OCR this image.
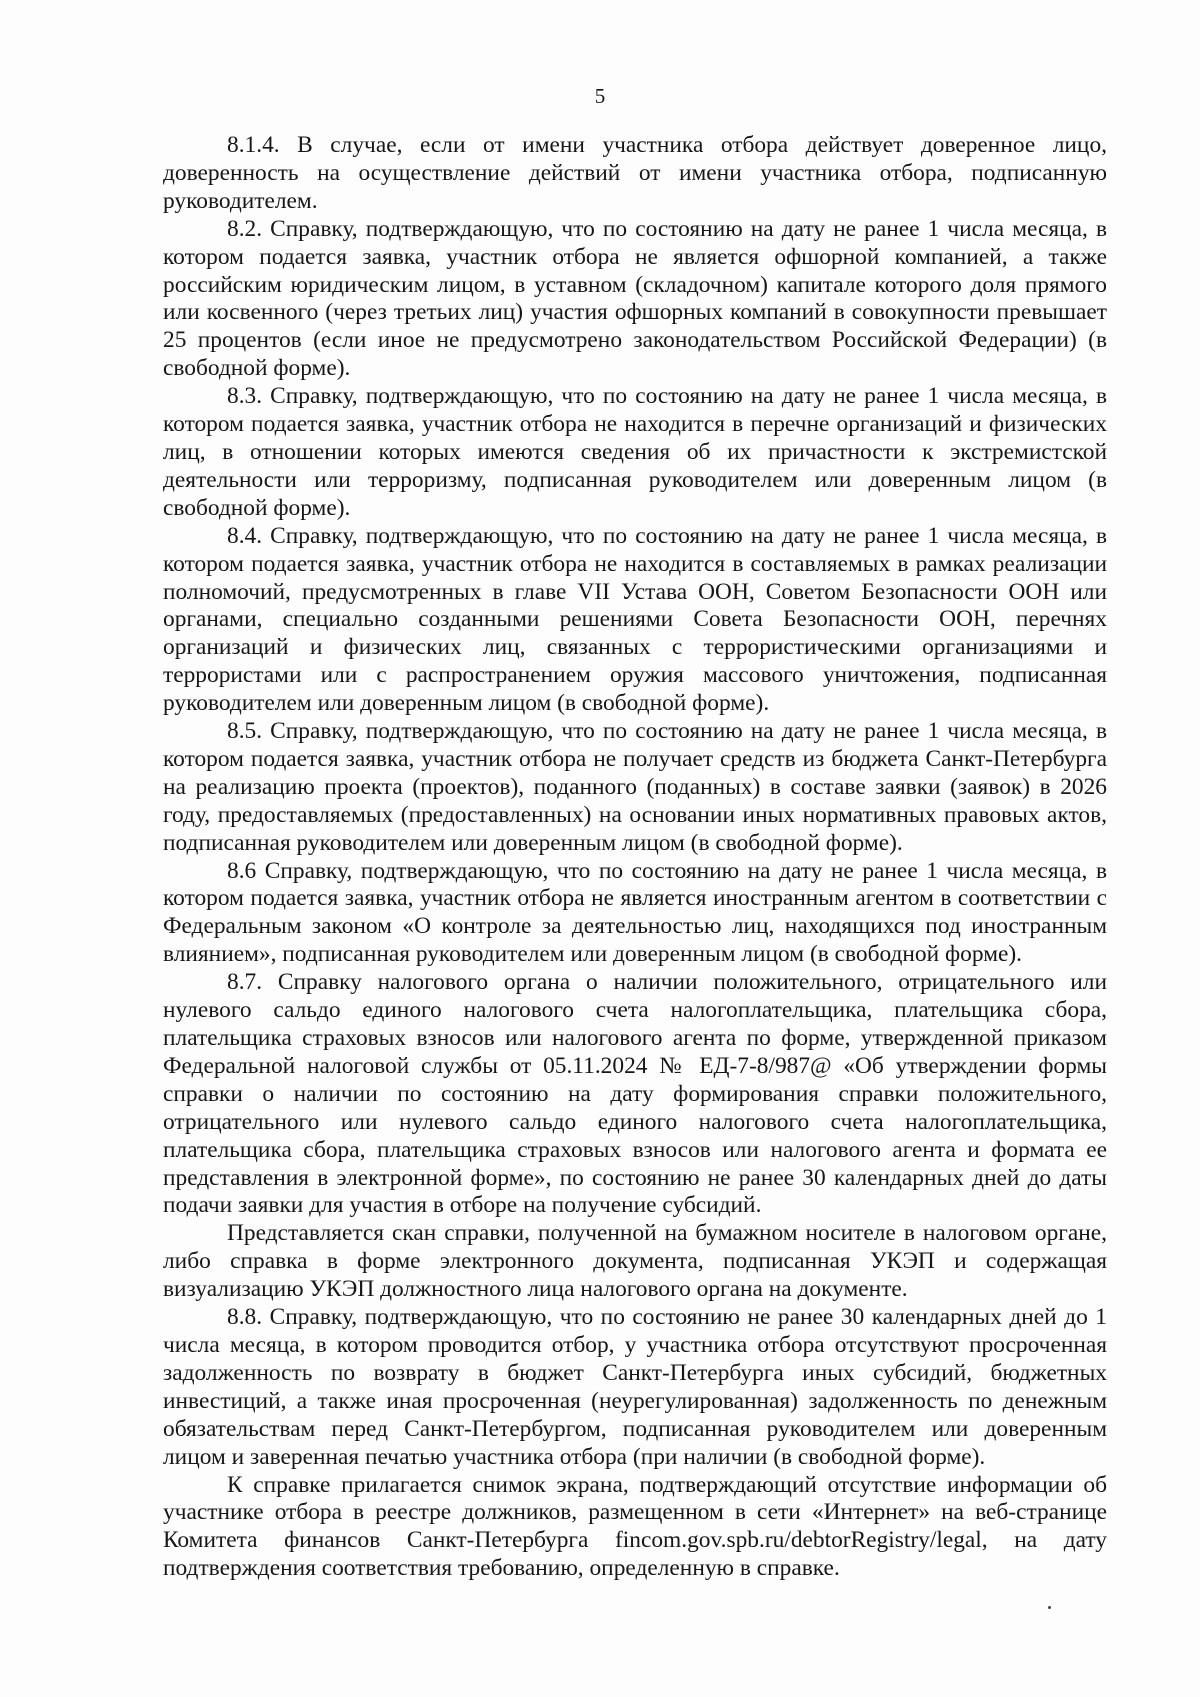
5

8.1.4. В случае, если от имени участника отбора действует доверенное лицо, доверенность на осуществление действий от имени участника отбора, подписанную руководителем.

8.2. Справку, подтверждающую, что по состоянию на дату не ранее 1 числа месяца, в котором подается заявка, участник отбора не является офшорной компанией, а также российским юридическим лицом, в уставном (складочном) капитале которого доля прямого или косвенного (через третьих лиц) участия офшорных компаний в совокупности превышает 25 процентов (если иное не предусмотрено законодательством Российской Федерации) (в свободной форме).

8.3. Справку, подтверждающую, что по состоянию на дату не ранее 1 числа месяца, в котором подается заявка, участник отбора не находится в перечне организаций и физических лиц, в отношении которых имеются сведения об их причастности к экстремистской деятельности или терроризму, подписанная руководителем или доверенным лицом (в свободной форме).

8.4. Справку, подтверждающую, что по состоянию на дату не ранее 1 числа месяца, в котором подается заявка, участник отбора не находится в составляемых в рамках реализации полномочий, предусмотренных в главе VII Устава ООН, Советом Безопасности ООН или органами, специально созданными решениями Совета Безопасности ООН, перечнях организаций и физических лиц, связанных с террористическими организациями и террористами или с распространением оружия массового уничтожения, подписанная руководителем или доверенным лицом (в свободной форме).

8.5. Справку, подтверждающую, что по состоянию на дату не ранее 1 числа месяца, в котором подается заявка, участник отбора не получает средств из бюджета Санкт-Петербурга на реализацию проекта (проектов), поданного (поданных) в составе заявки (заявок) в 2026 году, предоставляемых (предоставленных) на основании иных нормативных правовых актов, подписанная руководителем или доверенным лицом (в свободной форме).

8.6 Справку, подтверждающую, что по состоянию на дату не ранее 1 числа месяца, в котором подается заявка, участник отбора не является иностранным агентом в соответствии с Федеральным законом «О контроле за деятельностью лиц, находящихся под иностранным влиянием», подписанная руководителем или доверенным лицом (в свободной форме).

8.7. Справку налогового органа о наличии положительного, отрицательного или нулевого сальдо единого налогового счета налогоплательщика, плательщика сбора, плательщика страховых взносов или налогового агента по форме, утвержденной приказом Федеральной налоговой службы от 05.11.2024 № ЕД-7-8/987@ «Об утверждении формы справки о наличии по состоянию на дату формирования справки положительного, отрицательного или нулевого сальдо единого налогового счета налогоплательщика, плательщика сбора, плательщика страховых взносов или налогового агента и формата ее представления в электронной форме», по состоянию не ранее 30 календарных дней до даты подачи заявки для участия в отборе на получение субсидий.

Представляется скан справки, полученной на бумажном носителе в налоговом органе, либо справка в форме электронного документа, подписанная УКЭП и содержащая визуализацию УКЭП должностного лица налогового органа на документе.

8.8. Справку, подтверждающую, что по состоянию не ранее 30 календарных дней до 1 числа месяца, в котором проводится отбор, у участника отбора отсутствуют просроченная задолженность по возврату в бюджет Санкт-Петербурга иных субсидий, бюджетных инвестиций, а также иная просроченная (неурегулированная) задолженность по денежным обязательствам перед Санкт-Петербургом, подписанная руководителем или доверенным лицом и заверенная печатью участника отбора (при наличии (в свободной форме).

К справке прилагается снимок экрана, подтверждающий отсутствие информации об участнике отбора в реестре должников, размещенном в сети «Интернет» на веб-странице Комитета финансов Санкт-Петербурга fincom.gov.spb.ru/debtorRegistry/legal, на дату подтверждения соответствия требованию, определенную в справке.
